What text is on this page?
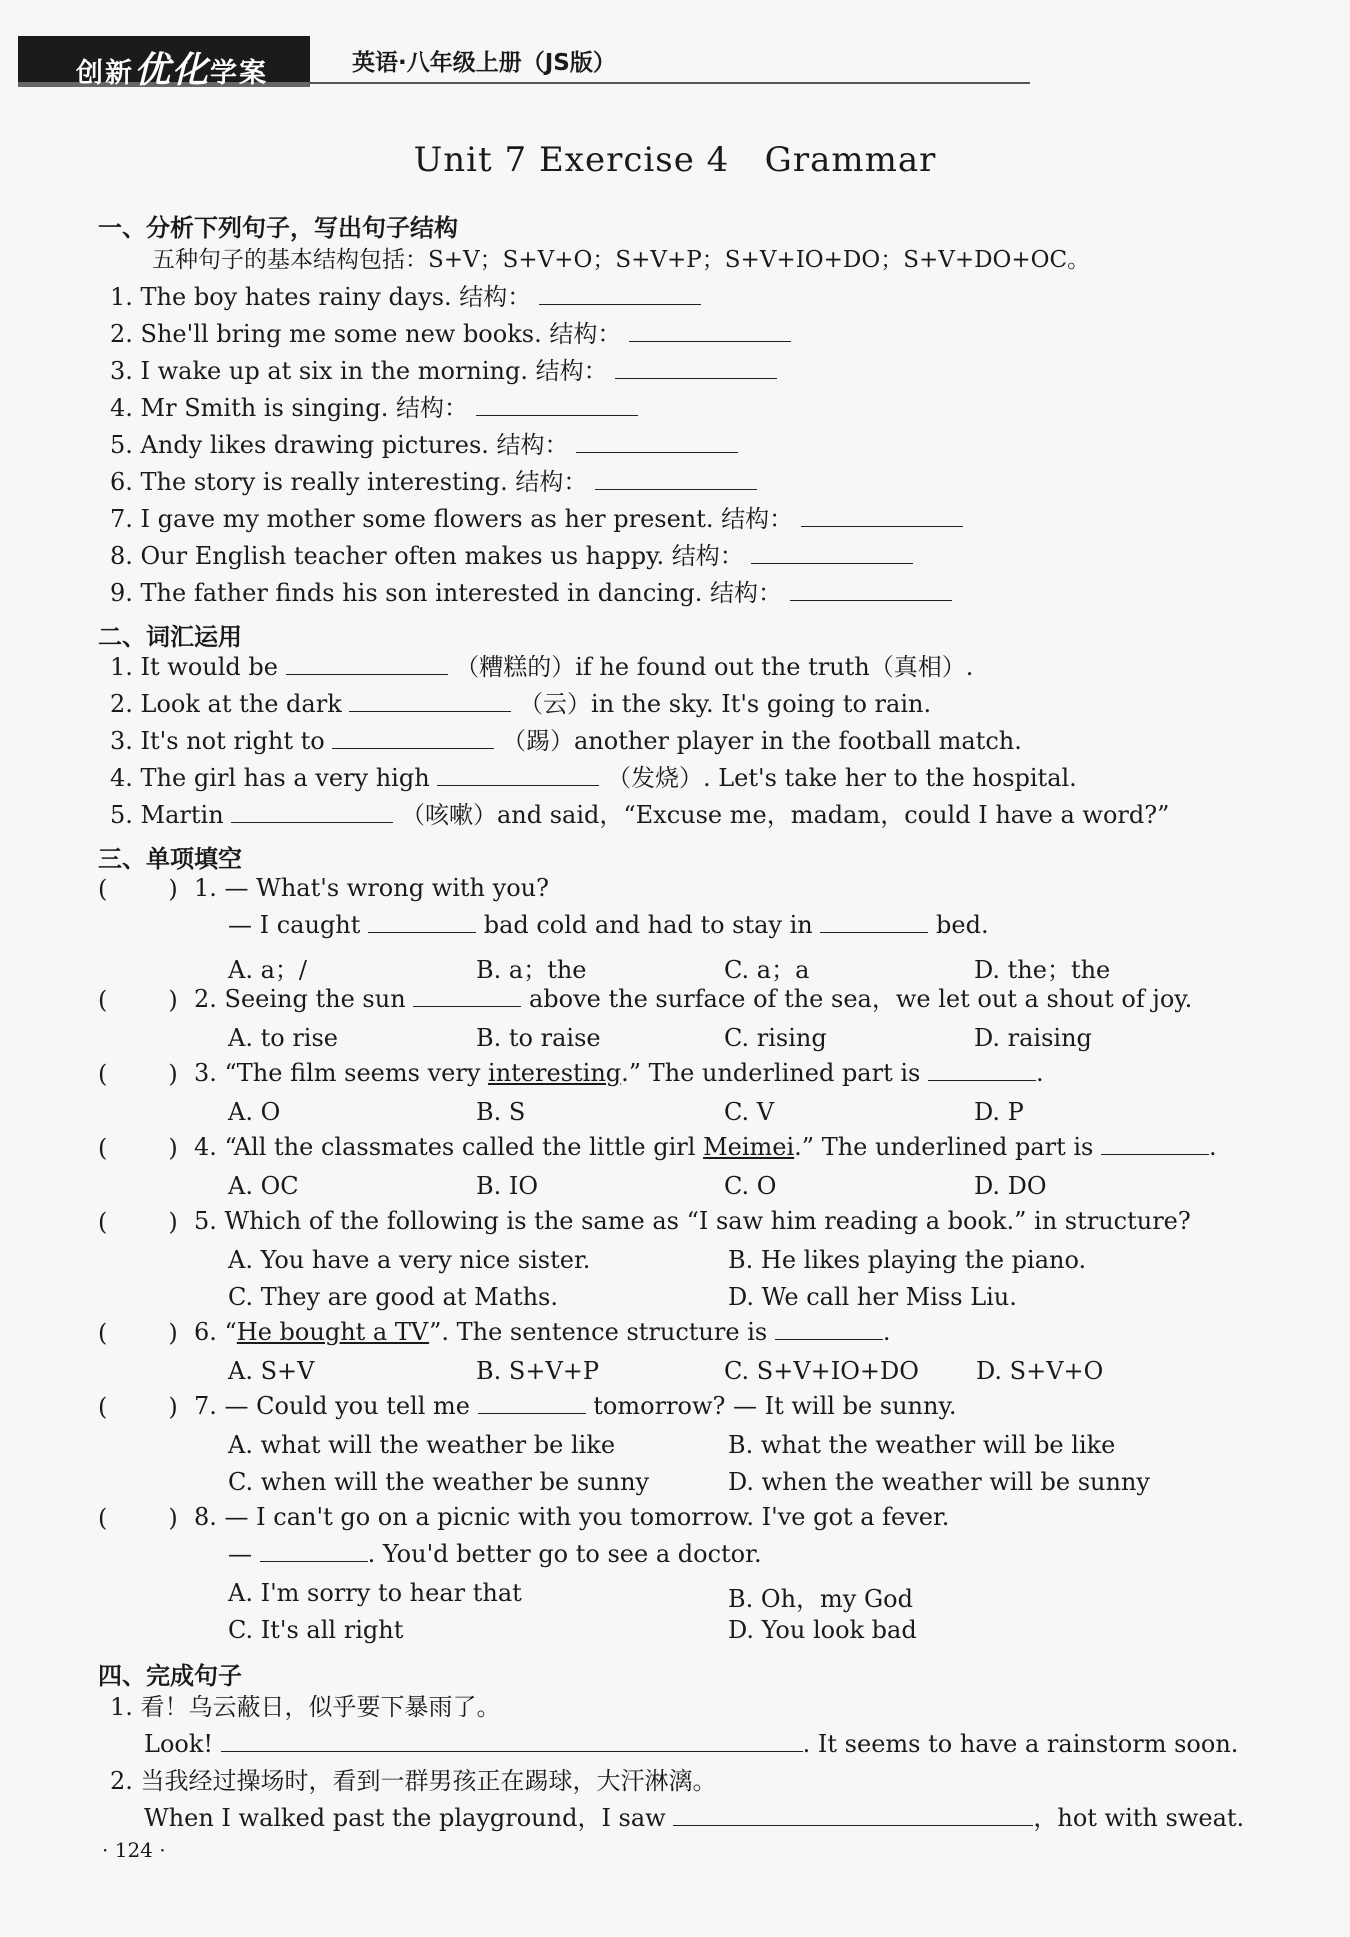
创新优化学案	英语·八年级上册（JS版）
Unit 7 Exercise 4   Grammar
一、分析下列句子，写出句子结构
五种句子的基本结构包括：S+V；S+V+O；S+V+P；S+V+IO+DO；S+V+DO+OC。
1. The boy hates rainy days. 结构：
2. She'll bring me some new books. 结构：
3. I wake up at six in the morning. 结构：
4. Mr Smith is singing. 结构：
5. Andy likes drawing pictures. 结构：
6. The story is really interesting. 结构：
7. I gave my mother some flowers as her present. 结构：
8. Our English teacher often makes us happy. 结构：
9. The father finds his son interested in dancing. 结构：
二、词汇运用
1. It would be	（糟糕的）if he found out the truth（真相）.
2. Look at the dark	（云）in the sky. It's going to rain.
3. It's not right to	（踢）another player in the football match.
4. The girl has a very high	（发烧）. Let's take her to the hospital.
5. Martin	（咳嗽）and said，“Excuse me，madam，could I have a word?”
三、单项填空
(        ) 1. — What's wrong with you?
— I caught	bad cold and had to stay in	bed.
A. a；/	B. a；the	C. a；a	D. the；the
(        ) 2. Seeing the sun	above the surface of the sea，we let out a shout of joy.
A. to rise	B. to raise	C. rising	D. raising
(        ) 3. “The film seems very interesting.” The underlined part is	.
A. O	B. S	C. V	D. P
(        ) 4. “All the classmates called the little girl Meimei.” The underlined part is	.
A. OC	B. IO	C. O	D. DO
(        ) 5. Which of the following is the same as “I saw him reading a book.” in structure?
A. You have a very nice sister.	B. He likes playing the piano.
C. They are good at Maths.	D. We call her Miss Liu.
(        ) 6. “He bought a TV”. The sentence structure is	.
A. S+V	B. S+V+P	C. S+V+IO+DO D. S+V+O
(        ) 7. — Could you tell me	tomorrow? — It will be sunny.
A. what will the weather be like	B. what the weather will be like
C. when will the weather be sunny	D. when the weather will be sunny
(        ) 8. — I can't go on a picnic with you tomorrow. I've got a fever.
—	. You'd better go to see a doctor.
A. I'm sorry to hear that	B. Oh，my God
C. It's all right	D. You look bad
四、完成句子
1. 看！乌云蔽日，似乎要下暴雨了。
Look!	. It seems to have a rainstorm soon.
2. 当我经过操场时，看到一群男孩正在踢球，大汗淋漓。
When I walked past the playground，I saw	，hot with sweat.
· 124 ·
